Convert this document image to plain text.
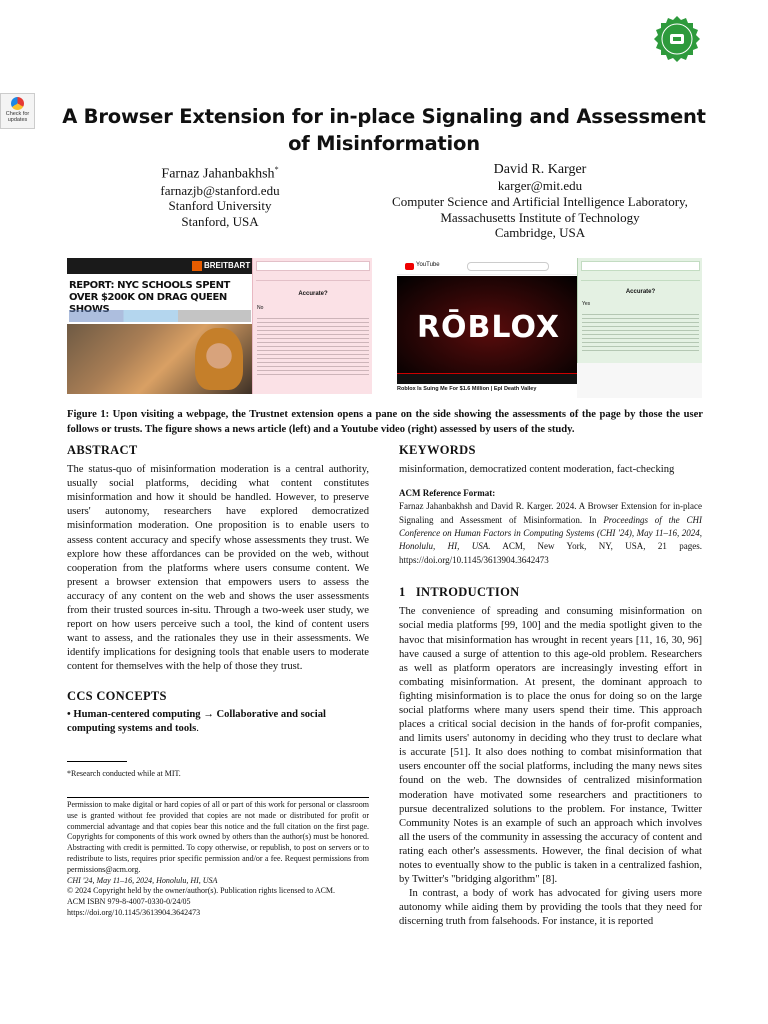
Check for updates	A Browser Extension for in-place Signaling and Assessment of Misinformation
Farnaz Jahanbakhsh*
farnazjb@stanford.edu
Stanford University
Stanford, USA
David R. Karger
karger@mit.edu
Computer Science and Artificial Intelligence Laboratory,
Massachusetts Institute of Technology
Cambridge, USA
BREITBART
REPORT: NYC SCHOOLS SPENT OVER $200K ON DRAG QUEEN	Accurate?
No
YouTube
RŌBLOX
Roblox Is Suing Me For $1.6 Million | Epl Death Valley
Accurate?
Yes
Figure 1: Upon visiting a webpage, the Trustnet extension opens a pane on the side showing the assessments of the page by those the user follows or trusts. The figure shows a news article (left) and a Youtube video (right) assessed by users of the study.
ABSTRACT

The status-quo of misinformation moderation is a central authority, usually social platforms, deciding what content constitutes misinformation and how it should be handled. However, to preserve users' autonomy, researchers have explored democratized misinformation moderation. One proposition is to enable users to assess content accuracy and specify whose assessments they trust. We explore how these affordances can be provided on the web, without cooperation from the platforms where users consume content. We present a browser extension that empowers users to assess the accuracy of any content on the web and shows the user assessments from their trusted sources in-situ. Through a two-week user study, we report on how users perceive such a tool, the kind of content users want to assess, and the rationales they use in their assessments. We identify implications for designing tools that enable users to moderate content for themselves with the help of those they trust.

CCS CONCEPTS

• Human-centered computing → Collaborative and social computing systems and tools.

*Research conducted while at MIT.

Permission to make digital or hard copies of all or part of this work for personal or classroom use is granted without fee provided that copies are not made or distributed for profit or commercial advantage and that copies bear this notice and the full citation on the first page. Copyrights for components of this work owned by others than the author(s) must be honored. Abstracting with credit is permitted. To copy otherwise, or republish, to post on servers or to redistribute to lists, requires prior specific permission and/or a fee. Request permissions from permissions@acm.org.

CHI '24, May 11–16, 2024, Honolulu, HI, USA

© 2024 Copyright held by the owner/author(s). Publication rights licensed to ACM.

ACM ISBN 979-8-4007-0330-0/24/05

https://doi.org/10.1145/3613904.3642473

KEYWORDS

misinformation, democratized content moderation, fact-checking

ACM Reference Format:

Farnaz Jahanbakhsh and David R. Karger. 2024. A Browser Extension for in-place Signaling and Assessment of Misinformation. In Proceedings of the CHI Conference on Human Factors in Computing Systems (CHI '24), May 11–16, 2024, Honolulu, HI, USA. ACM, New York, NY, USA, 21 pages. https://doi.org/10.1145/3613904.3642473

1   INTRODUCTION

The convenience of spreading and consuming misinformation on social media platforms [99, 100] and the media spotlight given to the havoc that misinformation has wrought in recent years [11, 16, 30, 96] have caused a surge of attention to this age-old problem. Researchers as well as platform operators are increasingly investing effort in combating misinformation. At present, the dominant approach to fighting misinformation is to place the onus for doing so on the large social platforms where many users spend their time. This approach places a critical social decision in the hands of for-profit companies, and limits users' autonomy in deciding who they trust to declare what is accurate [51]. It also does nothing to combat misinformation that users encounter off the social platforms, including the many news sites found on the web. The downsides of centralized misinformation moderation have motivated some researchers and practitioners to pursue decentralized solutions to the problem. For instance, Twitter Community Notes is an example of such an approach which involves all the users of the community in assessing the accuracy of content and rating each other's assessments. However, the final decision of what notes to eventually show to the public is taken in a centralized fashion, by Twitter's "bridging algorithm" [8].

In contrast, a body of work has advocated for giving users more autonomy while aiding them by providing the tools that they need for discerning truth from falsehoods. For instance, it is reported
